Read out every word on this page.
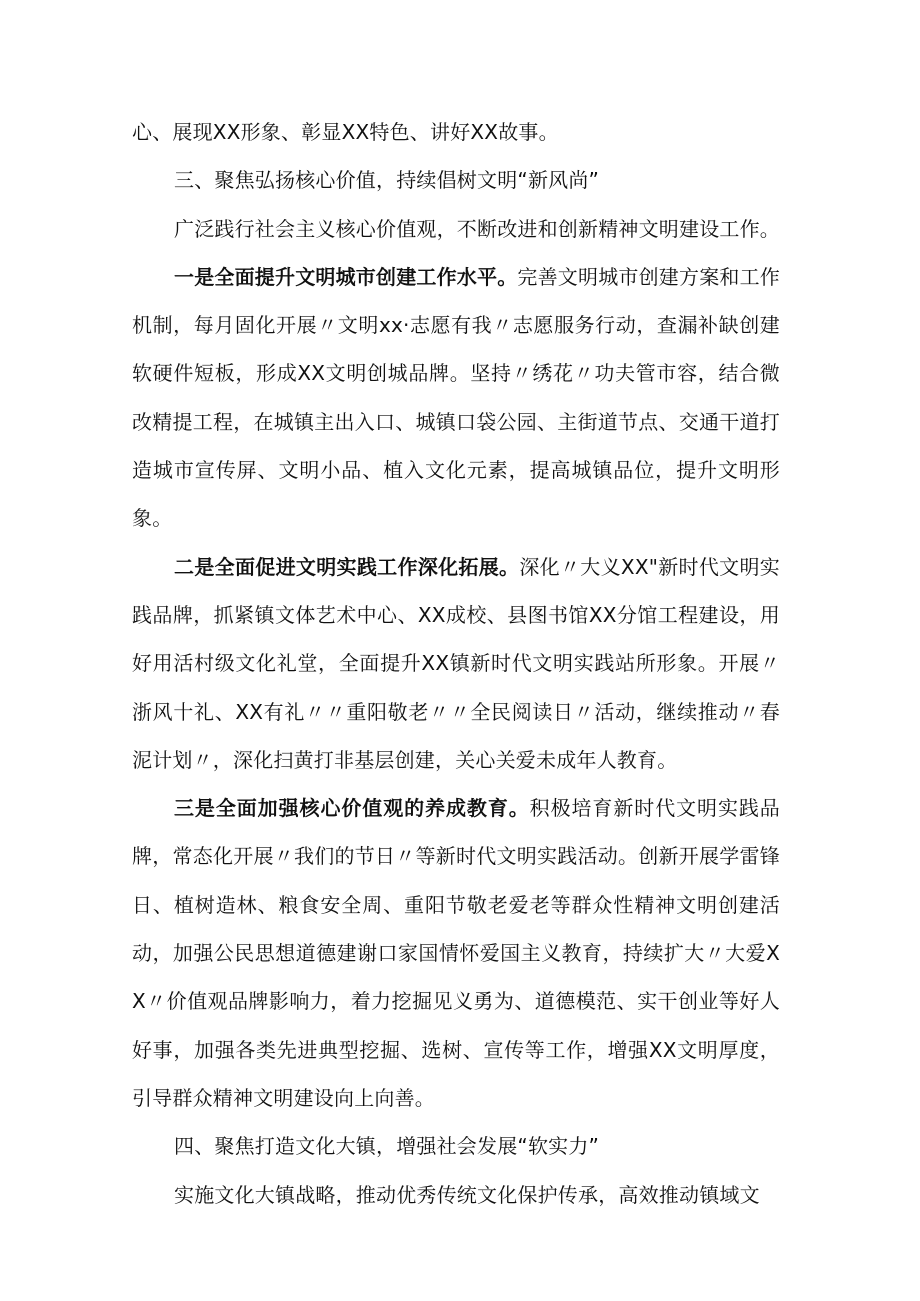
心、展现XX形象、彰显XX特色、讲好XX故事。

三、聚焦弘扬核心价值，持续倡树文明“新风尚”

广泛践行社会主义核心价值观，不断改进和创新精神文明建设工作。

一是全面提升文明城市创建工作水平。完善文明城市创建方案和工作机制，每月固化开展〃文明xx·志愿有我〃志愿服务行动，查漏补缺创建软硬件短板，形成XX文明创城品牌。坚持〃绣花〃功夫管市容，结合微改精提工程，在城镇主出入口、城镇口袋公园、主街道节点、交通干道打造城市宣传屏、文明小品、植入文化元素，提高城镇品位，提升文明形象。

二是全面促进文明实践工作深化拓展。深化〃大义XX"新时代文明实践品牌，抓紧镇文体艺术中心、XX成校、县图书馆XX分馆工程建设，用好用活村级文化礼堂，全面提升XX镇新时代文明实践站所形象。开展〃浙风十礼、XX有礼〃〃重阳敬老〃〃全民阅读日〃活动，继续推动〃春泥计划〃，深化扫黄打非基层创建，关心关爱未成年人教育。

三是全面加强核心价值观的养成教育。积极培育新时代文明实践品牌，常态化开展〃我们的节日〃等新时代文明实践活动。创新开展学雷锋日、植树造林、粮食安全周、重阳节敬老爱老等群众性精神文明创建活动，加强公民思想道德建谢口家国情怀爱国主义教育，持续扩大〃大爱XX〃价值观品牌影响力，着力挖掘见义勇为、道德模范、实干创业等好人好事，加强各类先进典型挖掘、选树、宣传等工作，增强XX文明厚度，引导群众精神文明建设向上向善。

四、聚焦打造文化大镇，增强社会发展“软实力”

实施文化大镇战略，推动优秀传统文化保护传承，高效推动镇域文
